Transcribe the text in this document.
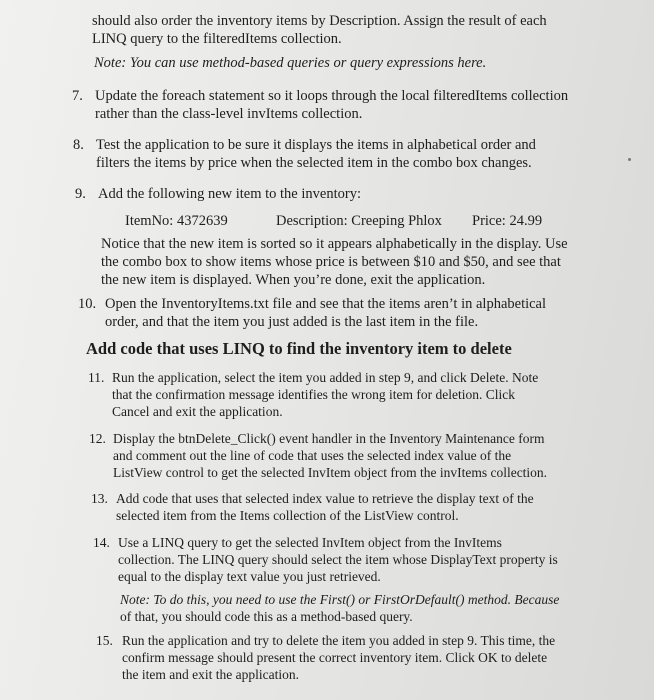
should also order the inventory items by Description. Assign the result of each
LINQ query to the filteredItems collection.
Note: You can use method-based queries or query expressions here.
7. Update the foreach statement so it loops through the local filteredItems collection
rather than the class-level invItems collection.
8. Test the application to be sure it displays the items in alphabetical order and
filters the items by price when the selected item in the combo box changes.
9. Add the following new item to the inventory:
ItemNo: 4372639	Description: Creeping Phlox Price: 24.99
Notice that the new item is sorted so it appears alphabetically in the display. Use
the combo box to show items whose price is between $10 and $50, and see that
the new item is displayed. When you’re done, exit the application.
10. Open the InventoryItems.txt file and see that the items aren’t in alphabetical
order, and that the item you just added is the last item in the file.
Add code that uses LINQ to find the inventory item to delete
11. Run the application, select the item you added in step 9, and click Delete. Note
that the confirmation message identifies the wrong item for deletion. Click
Cancel and exit the application.
12. Display the btnDelete_Click() event handler in the Inventory Maintenance form
and comment out the line of code that uses the selected index value of the
ListView control to get the selected InvItem object from the invItems collection.
13. Add code that uses that selected index value to retrieve the display text of the
selected item from the Items collection of the ListView control.
14. Use a LINQ query to get the selected InvItem object from the InvItems
collection. The LINQ query should select the item whose DisplayText property is
equal to the display text value you just retrieved.
Note: To do this, you need to use the First() or FirstOrDefault() method. Because
of that, you should code this as a method-based query.
15. Run the application and try to delete the item you added in step 9. This time, the
confirm message should present the correct inventory item. Click OK to delete
the item and exit the application.
